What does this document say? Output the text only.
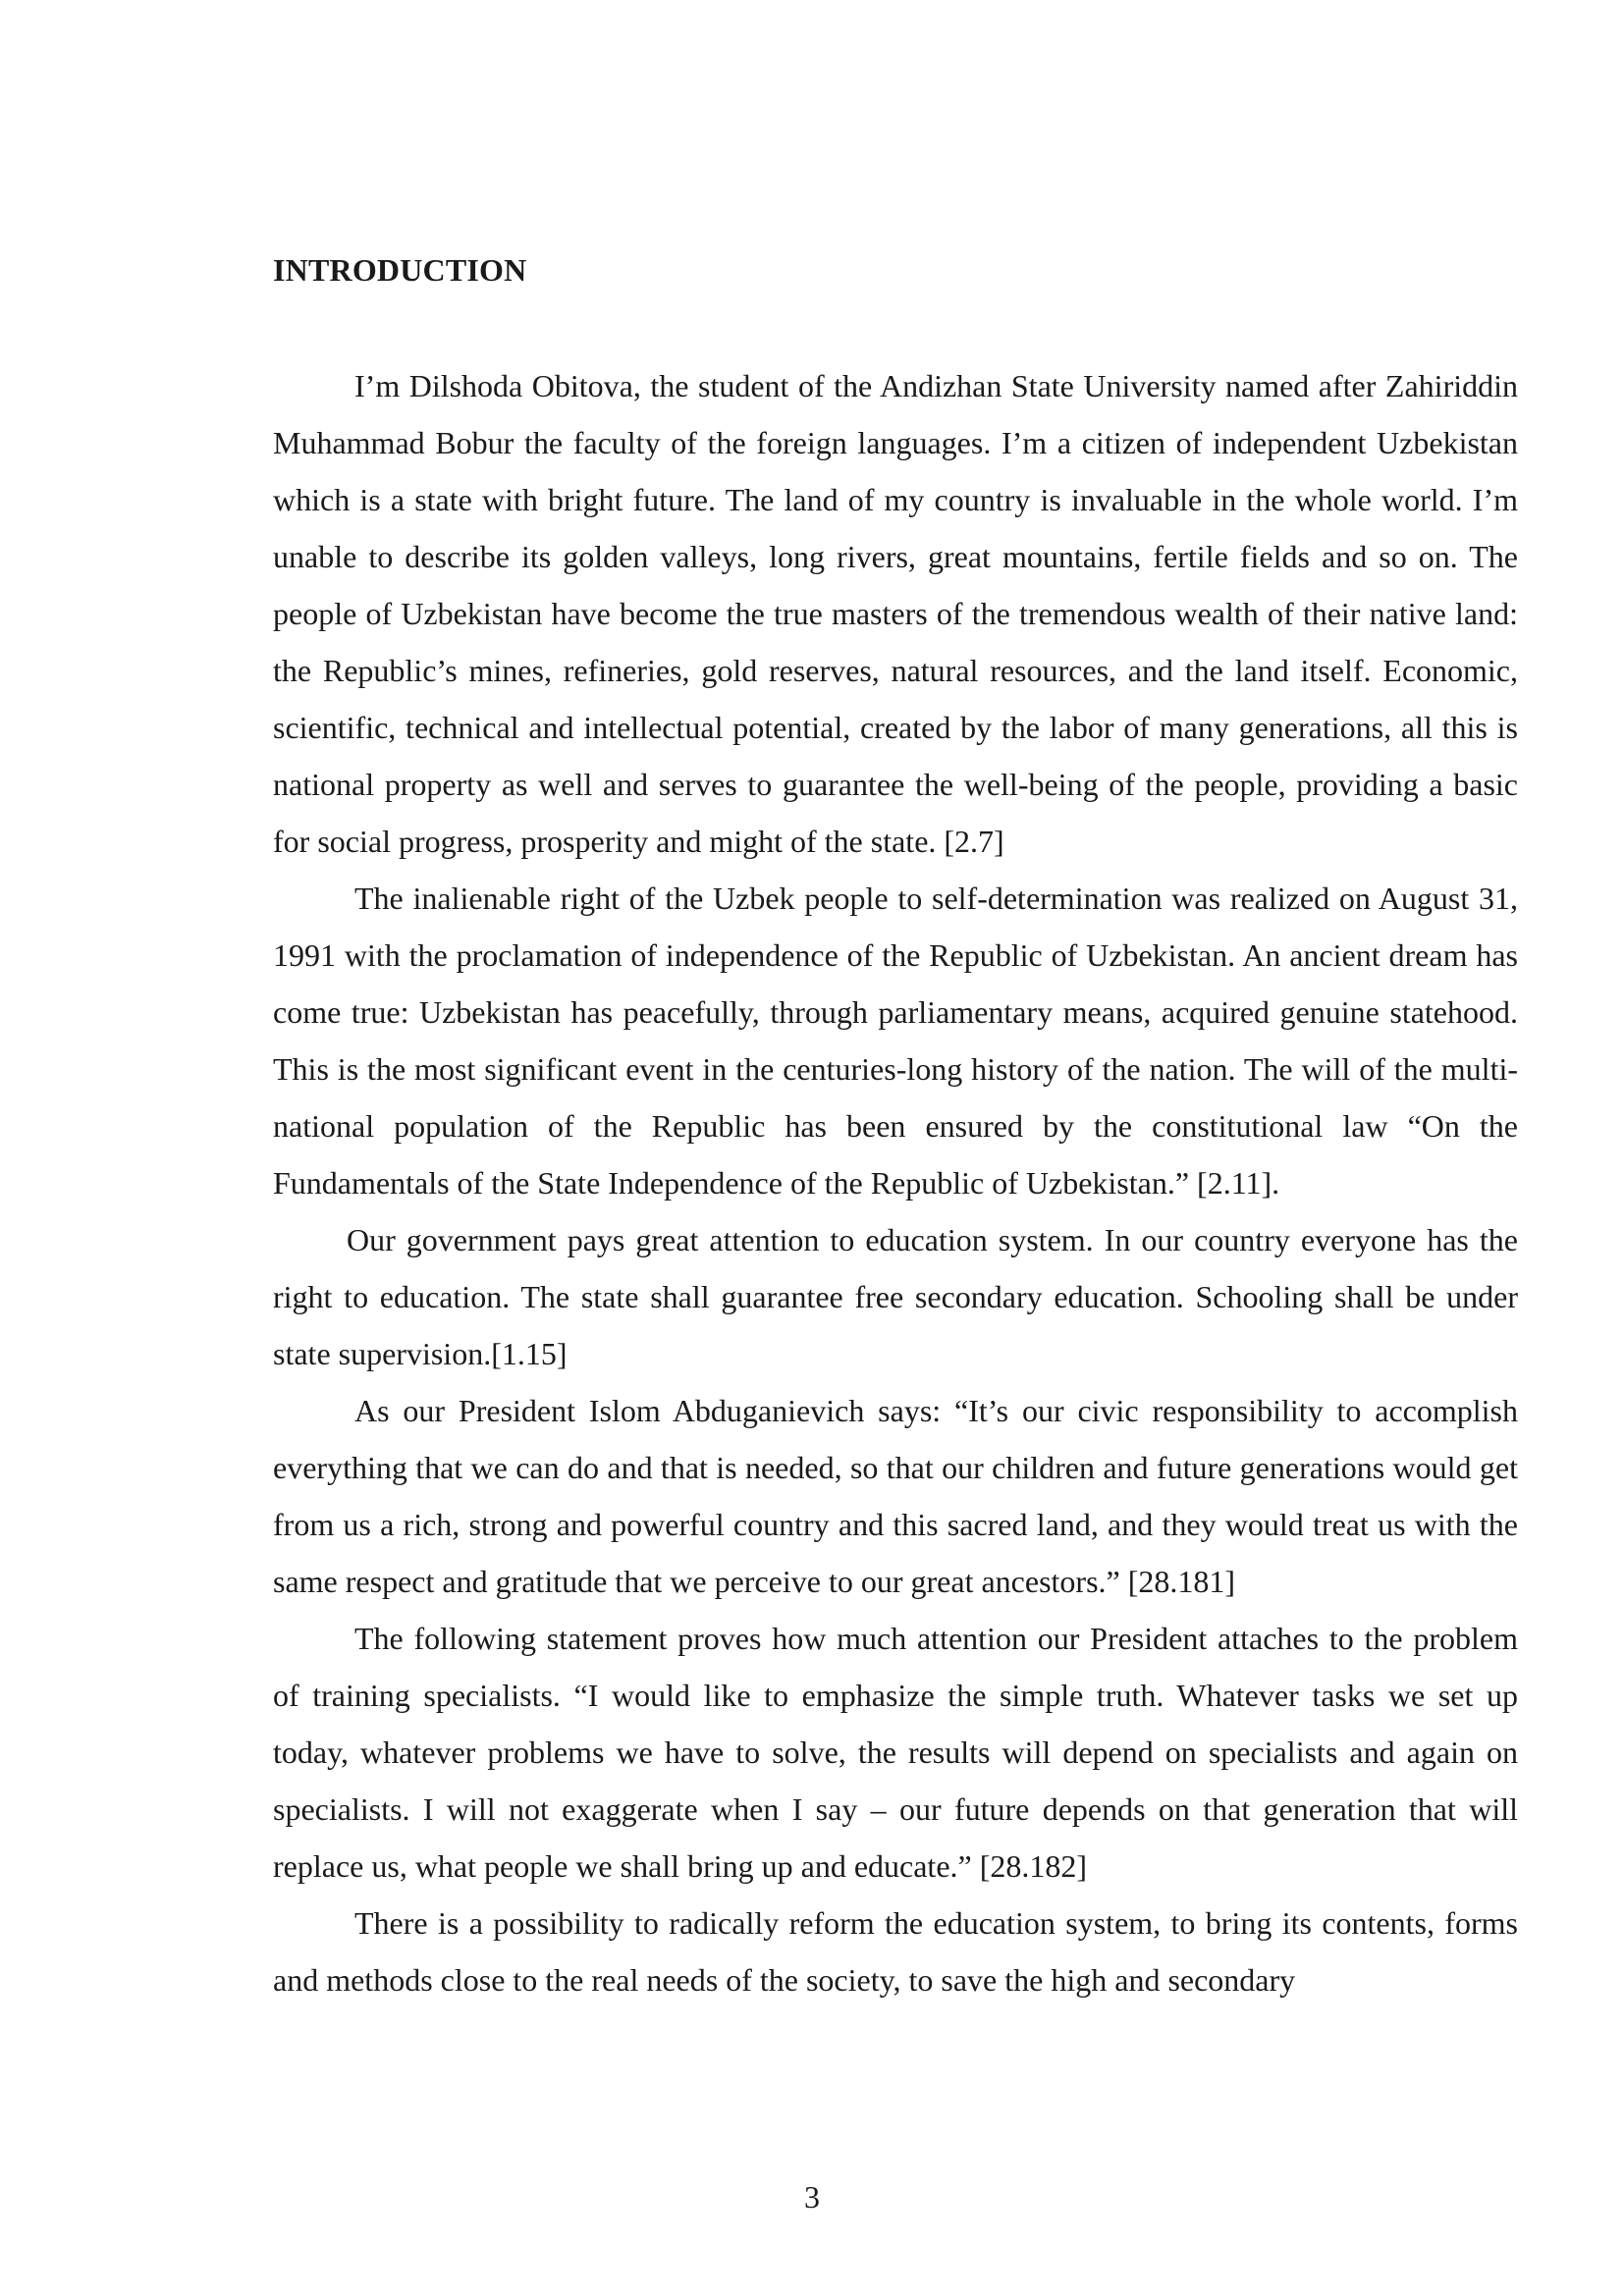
INTRODUCTION

I’m Dilshoda Obitova, the student of the Andizhan State University named after Zahiriddin Muhammad Bobur the faculty of the foreign languages. I’m a citizen of independent Uzbekistan which is a state with bright future. The land of my country is invaluable in the whole world. I’m unable to describe its golden valleys, long rivers, great mountains, fertile fields and so on. The people of Uzbekistan have become the true masters of the tremendous wealth of their native land: the Republic’s mines, refineries, gold reserves, natural resources, and the land itself. Economic, scientific, technical and intellectual potential, created by the labor of many generations, all this is national property as well and serves to guarantee the well-being of the people, providing a basic for social progress, prosperity and might of the state. [2.7]

The inalienable right of the Uzbek people to self-determination was realized on August 31, 1991 with the proclamation of independence of the Republic of Uzbekistan. An ancient dream has come true: Uzbekistan has peacefully, through parliamentary means, acquired genuine statehood. This is the most significant event in the centuries-long history of the nation. The will of the multi-national population of the Republic has been ensured by the constitutional law “On the Fundamentals of the State Independence of the Republic of Uzbekistan.” [2.11].

Our government pays great attention to education system. In our country everyone has the right to education. The state shall guarantee free secondary education. Schooling shall be under state supervision.[1.15]

As our President Islom Abduganievich says: “It’s our civic responsibility to accomplish everything that we can do and that is needed, so that our children and future generations would get from us a rich, strong and powerful country and this sacred land, and they would treat us with the same respect and gratitude that we perceive to our great ancestors.” [28.181]

The following statement proves how much attention our President attaches to the problem of training specialists. “I would like to emphasize the simple truth. Whatever tasks we set up today, whatever problems we have to solve, the results will depend on specialists and again on specialists. I will not exaggerate when I say – our future depends on that generation that will replace us, what people we shall bring up and educate.” [28.182]

There is a possibility to radically reform the education system, to bring its contents, forms and methods close to the real needs of the society, to save the high and secondary

3
